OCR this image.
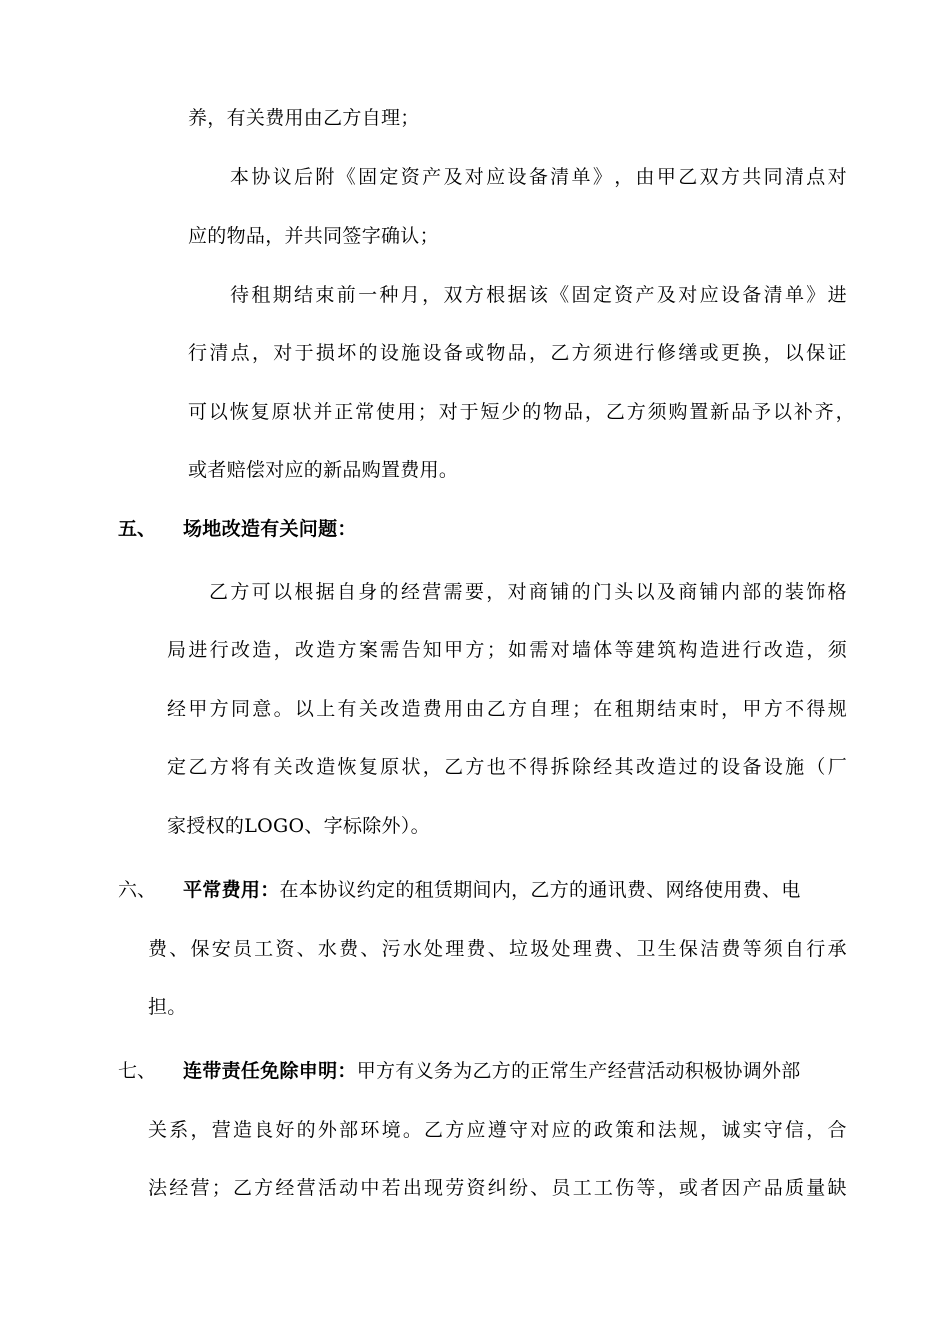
养，有关费用由乙方自理；
本 协 议 后 附 《 固 定 资 产 及 对 应 设 备 清 单 》 ， 由 甲 乙 双 方 共 同 清 点 对
应的物品，并共同签字确认；
待 租 期 结 束 前 一 种 月 ， 双 方 根 据 该 《 固 定 资 产 及 对 应 设 备 清 单 》 进
行 清 点 ， 对 于 损 坏 的 设 施 设 备 或 物 品 ， 乙 方 须 进 行 修 缮 或 更 换 ， 以 保 证
可 以 恢 复 原 状 并 正 常 使 用 ； 对 于 短 少 的 物 品 ， 乙 方 须 购 置 新 品 予 以 补 齐 ，
或者赔偿对应的新品购置费用。
五、 场地改造有关问题：
乙 方 可 以 根 据 自 身 的 经 营 需 要 ， 对 商 铺 的 门 头 以 及 商 铺 内 部 的 装 饰 格
局 进 行 改 造 ， 改 造 方 案 需 告 知 甲 方 ； 如 需 对 墙 体 等 建 筑 构 造 进 行 改 造 ， 须
经 甲 方 同 意 。 以 上 有 关 改 造 费 用 由 乙 方 自 理 ； 在 租 期 结 束 时 ， 甲 方 不 得 规
定 乙 方 将 有 关 改 造 恢 复 原 状 ， 乙 方 也 不 得 拆 除 经 其 改 造 过 的 设 备 设 施 （ 厂
家授权的LOGO、字标除外）。
六、 平常费用：在本协议约定的租赁期间内，乙方的通讯费、网络使用费、电
费 、 保 安 员 工 资 、 水 费 、 污 水 处 理 费 、 垃 圾 处 理 费 、 卫 生 保 洁 费 等 须 自 行 承
担。
七、 连带责任免除申明：甲方有义务为乙方的正常生产经营活动积极协调外部
关 系 ， 营 造 良 好 的 外 部 环 境 。 乙 方 应 遵 守 对 应 的 政 策 和 法 规 ， 诚 实 守 信 ， 合
法 经 营 ； 乙 方 经 营 活 动 中 若 出 现 劳 资 纠 纷 、 员 工 工 伤 等 ， 或 者 因 产 品 质 量 缺
